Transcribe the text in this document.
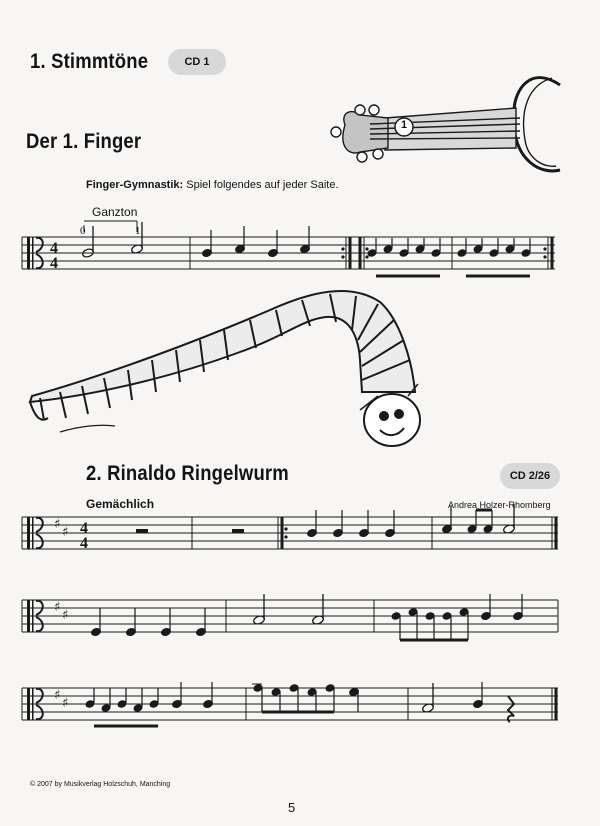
1. Stimmtöne	CD 1
Der 1. Finger
Finger-Gymnastik: Spiel folgendes auf jeder Saite.
Ganzton
0	1
2. Rinaldo Ringelwurm	CD 2/26
Gemächlich	Andrea Holzer-Rhomberg
© 2007 by Musikverlag Holzschuh, Manching
5
1
4
4
♯
♯ 4
4
♯
♯
♯
♯
